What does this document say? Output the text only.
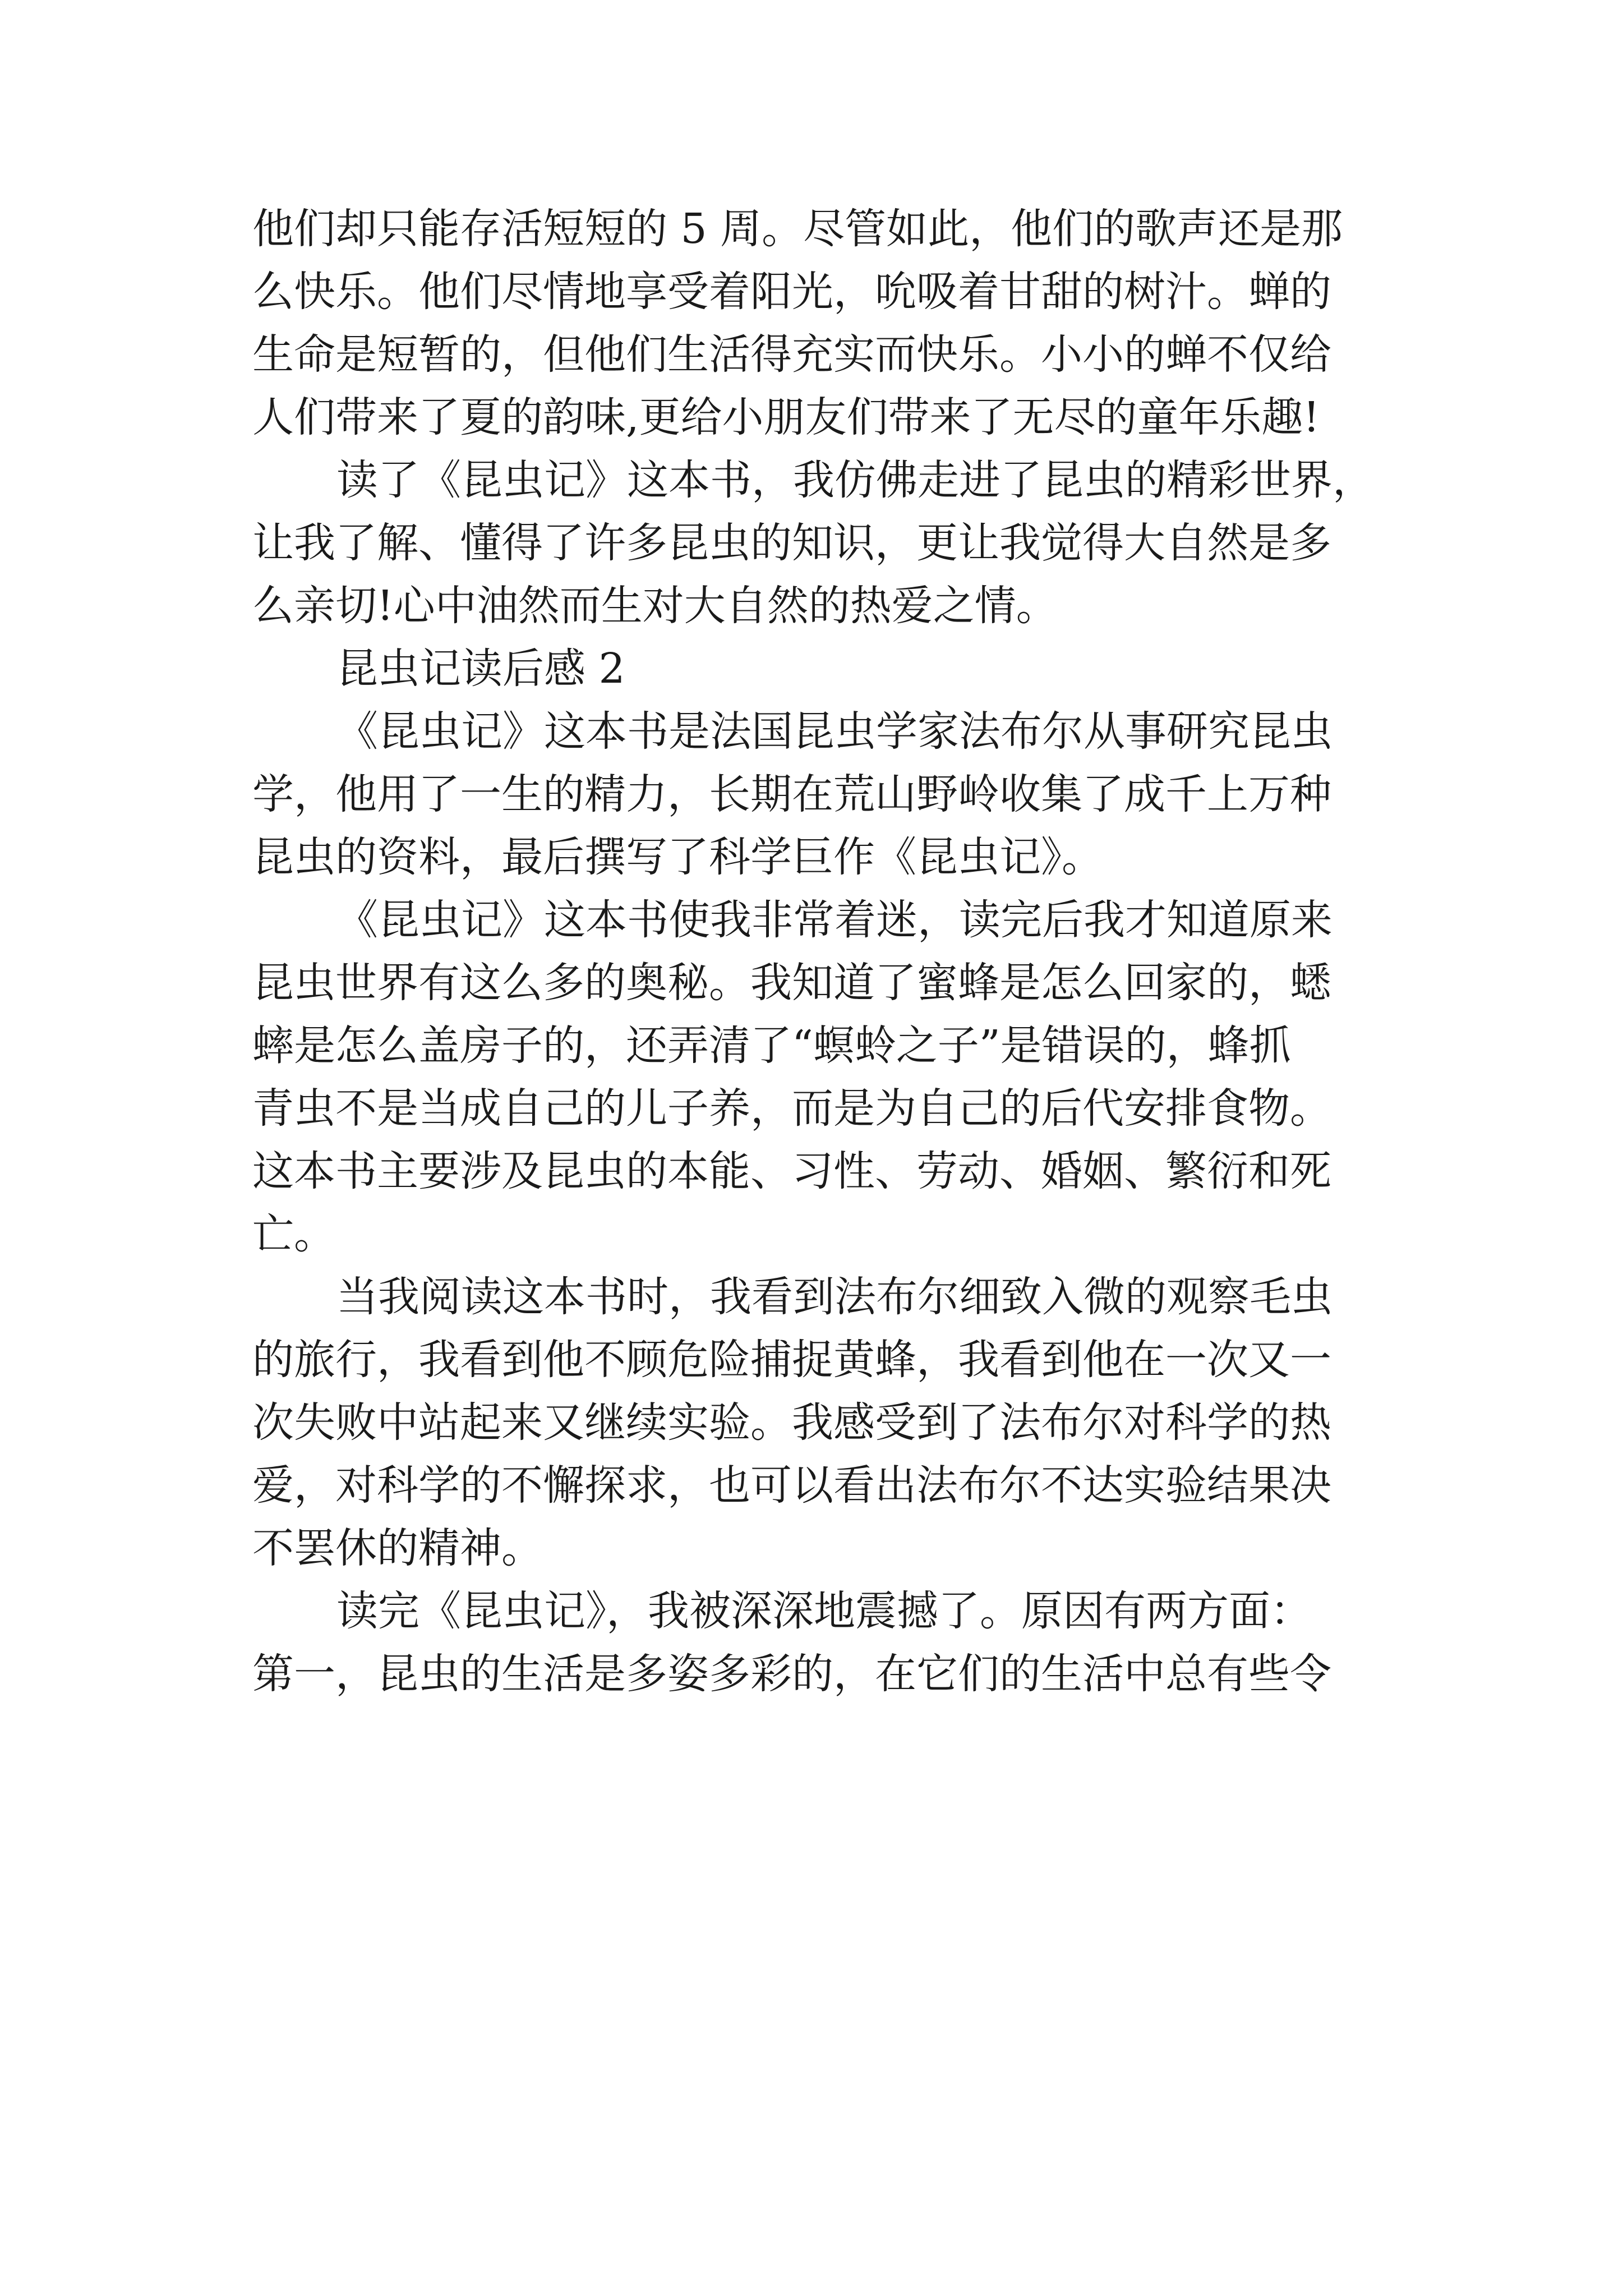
他们却只能存活短短的 5 周。尽管如此，他们的歌声还是那
么快乐。他们尽情地享受着阳光，吮吸着甘甜的树汁。蝉的
生命是短暂的，但他们生活得充实而快乐。小小的蝉不仅给
人们带来了夏的韵味,更给小朋友们带来了无尽的童年乐趣!
读了《昆虫记》这本书，我仿佛走进了昆虫的精彩世界，
让我了解、懂得了许多昆虫的知识，更让我觉得大自然是多
么亲切!心中油然而生对大自然的热爱之情。
昆虫记读后感 2
《昆虫记》这本书是法国昆虫学家法布尔从事研究昆虫
学，他用了一生的精力，长期在荒山野岭收集了成千上万种
昆虫的资料，最后撰写了科学巨作《昆虫记》。
《昆虫记》这本书使我非常着迷，读完后我才知道原来
昆虫世界有这么多的奥秘。我知道了蜜蜂是怎么回家的，蟋
蟀是怎么盖房子的，还弄清了“螟蛉之子”是错误的，蜂抓
青虫不是当成自己的儿子养，而是为自己的后代安排食物。
这本书主要涉及昆虫的本能、习性、劳动、婚姻、繁衍和死
亡。
当我阅读这本书时，我看到法布尔细致入微的观察毛虫
的旅行，我看到他不顾危险捕捉黄蜂，我看到他在一次又一
次失败中站起来又继续实验。我感受到了法布尔对科学的热
爱，对科学的不懈探求，也可以看出法布尔不达实验结果决
不罢休的精神。
读完《昆虫记》，我被深深地震撼了。原因有两方面：
第一，昆虫的生活是多姿多彩的，在它们的生活中总有些令
